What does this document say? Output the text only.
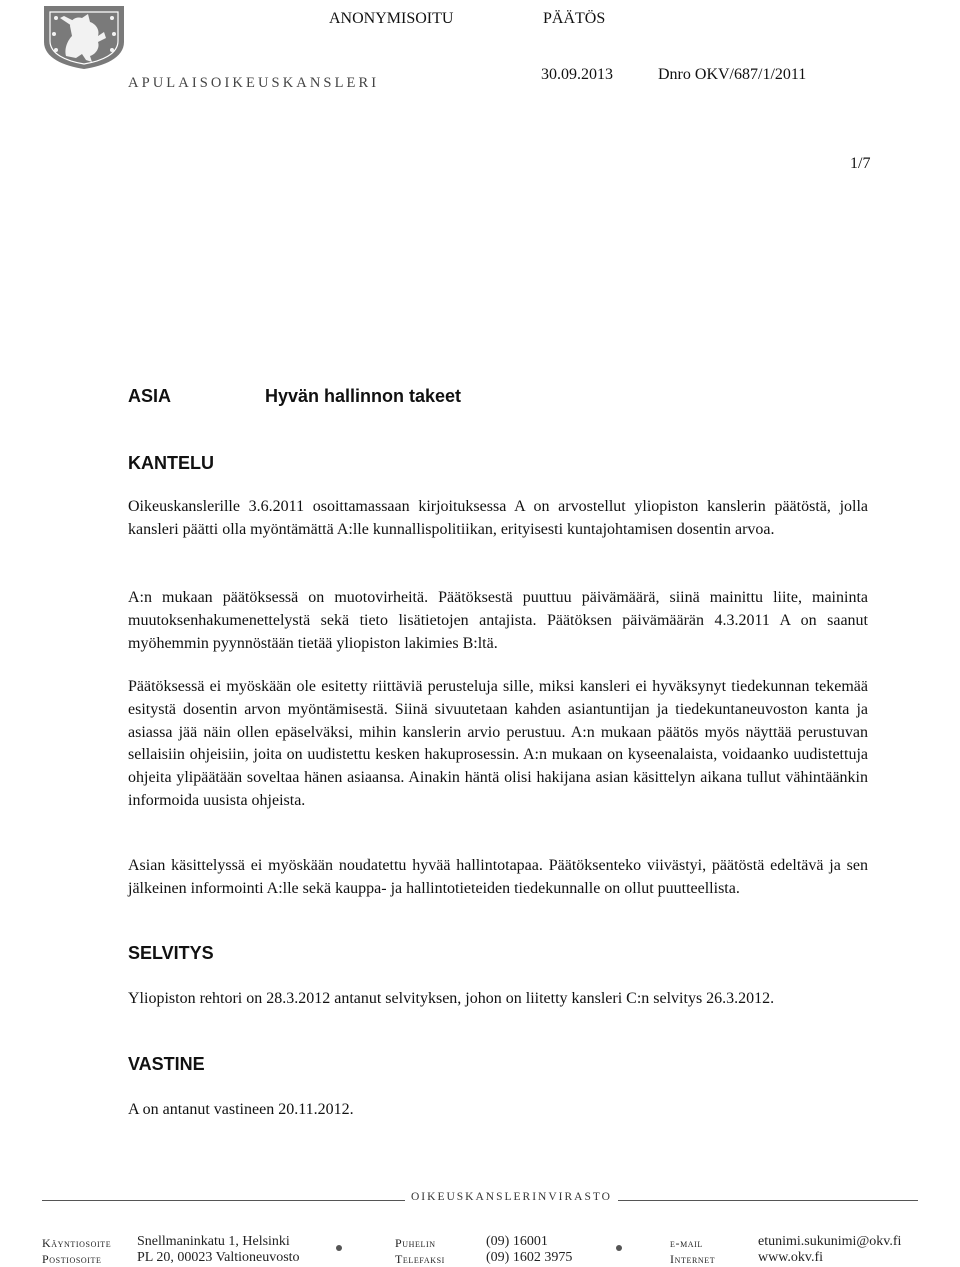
APULAISOIKEUSKANSLERI
ANONYMISOITU	PÄÄTÖS
30.09.2013	Dnro OKV/687/1/2011
1/7
ASIA	Hyvän hallinnon takeet
KANTELU
Oikeuskanslerille 3.6.2011 osoittamassaan kirjoituksessa A on arvostellut yliopiston kanslerin päätöstä, jolla kansleri päätti olla myöntämättä A:lle kunnallispolitiikan, erityisesti kuntajohtamisen dosentin arvoa.
A:n mukaan päätöksessä on muotovirheitä. Päätöksestä puuttuu päivämäärä, siinä mainittu liite, maininta muutoksenhakumenettelystä sekä tieto lisätietojen antajista. Päätöksen päivämäärän 4.3.2011 A on saanut myöhemmin pyynnöstään tietää yliopiston lakimies B:ltä.
Päätöksessä ei myöskään ole esitetty riittäviä perusteluja sille, miksi kansleri ei hyväksynyt tiedekunnan tekemää esitystä dosentin arvon myöntämisestä. Siinä sivuutetaan kahden asiantuntijan ja tiedekuntaneuvoston kanta ja asiassa jää näin ollen epäselväksi, mihin kanslerin arvio perustuu. A:n mukaan päätös myös näyttää perustuvan sellaisiin ohjeisiin, joita on uudistettu kesken hakuprosessin. A:n mukaan on kyseenalaista, voidaanko uudistettuja ohjeita ylipäätään soveltaa hänen asiaansa. Ainakin häntä olisi hakijana asian käsittelyn aikana tullut vähintäänkin informoida uusista ohjeista.
Asian käsittelyssä ei myöskään noudatettu hyvää hallintotapaa. Päätöksenteko viivästyi, päätöstä edeltävä ja sen jälkeinen informointi A:lle sekä kauppa- ja hallintotieteiden tiedekunnalle on ollut puutteellista.
SELVITYS
Yliopiston rehtori on 28.3.2012 antanut selvityksen, johon on liitetty kansleri C:n selvitys 26.3.2012.
VASTINE
A on antanut vastineen 20.11.2012.
OIKEUSKANSLERINVIRASTO
Käyntiosoite Snellmaninkatu 1, Helsinki
Postiosoite	PL 20, 00023 Valtioneuvosto
Puhelin	(09) 16001
Telefaksi	(09) 1602 3975
e-mail	etunimi.sukunimi@okv.fi
Internet	www.okv.fi
